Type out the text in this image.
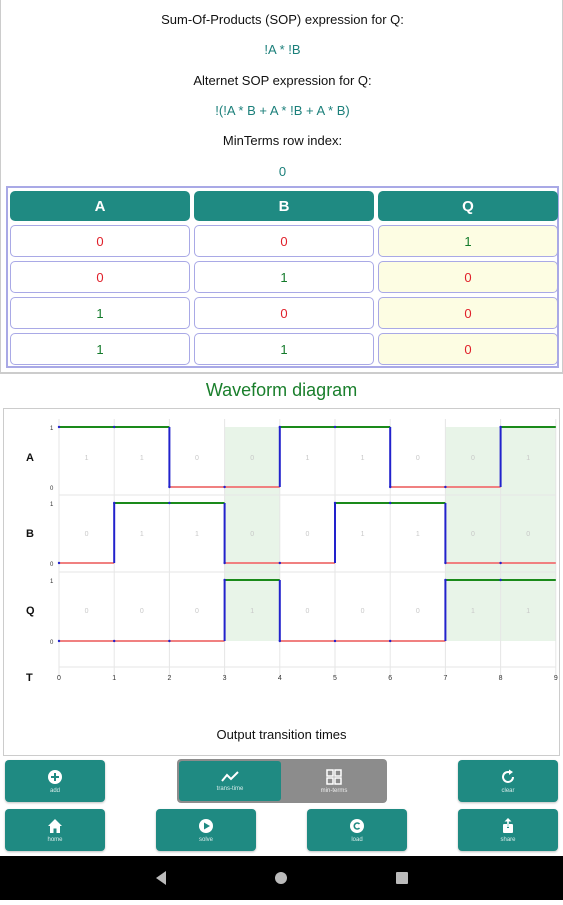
Sum-Of-Products (SOP) expression for Q:
!A * !B
Alternet SOP expression for Q:
!(!A * B + A * !B + A * B)
MinTerms row index:
0
A	B	Q
0	0	1
0	1	0
1	0	0
1	1	0
Waveform diagram
A
1
0
1	1	0	0	1	1	0	0	1
B
1
0
0	1	1	0	0	1	1	0	0
Q
1
0
0	0	0	1	0	0	0	1	1
T	0	1	2	3	4	5	6	7	8	9
Output transition times
add	trans-time	min-terms	clear
home	solve	load	share
